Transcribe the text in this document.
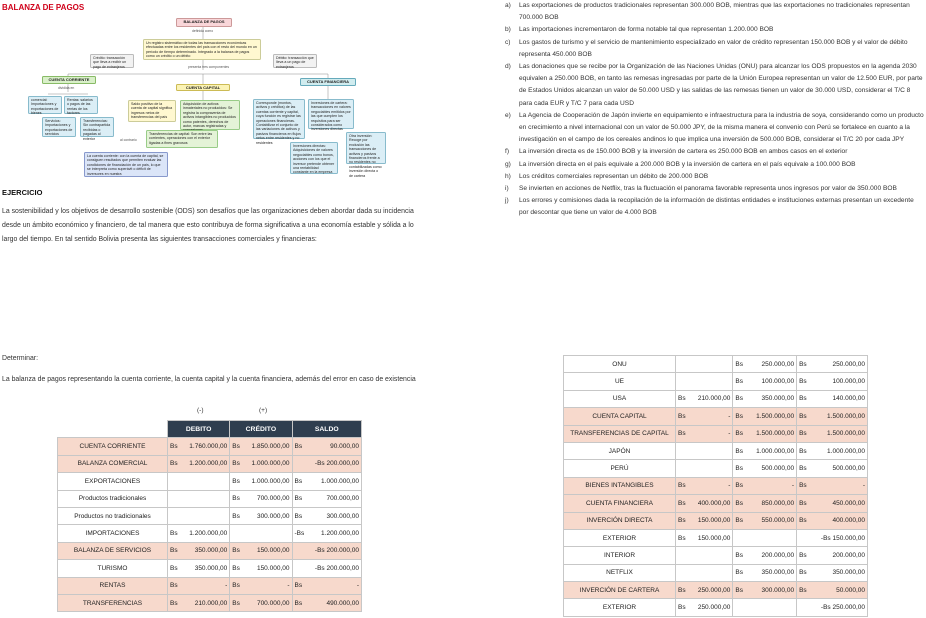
BALANZA DE PAGOS
BALANZA DE PAGOS
definida como
Un registro sistemático de todas las transacciones económicas efectuadas entre los residentes del país con el resto del mundo en un período de tiempo determinado. Integrado a la balanza de pagos como un crédito o un débito
Crédito: transacción que lleva a recibir un pago de extranjeros
Débito: transacción que lleva a un pago de extranjeros
presenta tres componentes
CUENTA CORRIENTE
CUENTA CAPITAL
CUENTA FINANCIERA
dividida en
comercial: Importaciones y exportaciones de bienes
Rentas: salarios o pagos de las rentas de los factores
Servicios: Importaciones y exportaciones de servicios
Transferencias: Sin contrapartida recibidas o pagadas al exterior
Saldo positivo de la cuenta de capital significa ingresos netos de transferencias del país
Adquisición de activos inmateriales no producidos: Se registra la compraventa de activos intangibles no producidos como patentes, derechos de autor, marcas registradas y
Transferencias de capital: Son entre las corrientes, operaciones con el exterior ligadas a fines gravosos
Corresponde (montos, activos y créditos) de las cuentas corriente y capital, cuya función es registrar las operaciones financieras. Contabilizar el conjunto de las variaciones de activos y pasivos financieros en flujos netos entre residentes y no residentes
Inversiones de cartera: transacciones en valores negociables emitidos por las que cumplen los requisitos para ser considerados como inversiones directas
Inversiones directas: Adquisiciones de valores negociables como bonos, acciones con los que el inversor pretende obtener una rentabilidad constante en la empresa
Otra inversión: Recoge por exclusión las transacciones de activos y pasivos financieros frente a no residentes no contabilizadas como inversión directa o de cartera
al contrario
La cuenta corriente: con la cuenta de capital, se consiguen resultados que permiten evaluar las condiciones de financiación de un país, lo que se interpreta como superávit o déficit de inversores en nuestra
EJERCICIO
La sostenibilidad y los objetivos de desarrollo sostenible (ODS) son desafíos que las organizaciones deben abordar dada su incidencia desde un ámbito económico y financiero, de tal manera que esto contribuya de forma significativa a una economía estable y sólida a lo largo del tiempo. En tal sentido Bolivia presenta las siguientes transacciones comerciales y financieras:
a) Las exportaciones de productos tradicionales representan 300.000 BOB, mientras que las exportaciones no tradicionales representan 700.000 BOB
b) Las importaciones incrementaron de forma notable tal que representan 1.200.000 BOB
c) Los gastos de turismo y el servicio de mantenimiento especializado en valor de crédito representan 150.000 BOB y el valor de débito representa 450.000 BOB
d) Las donaciones que se recibe por la Organización de las Naciones Unidas (ONU) para alcanzar los ODS propuestos en la agenda 2030 equivalen a 250.000 BOB, en tanto las remesas ingresadas por parte de la Unión Europea representan un valor de 12.500 EUR, por parte de Estados Unidos alcanzan un valor de 50.000 USD y las salidas de las remesas tienen un valor de 30.000 USD, considerar el T/C 8 para cada EUR y T/C 7 para cada USD
e) La Agencia de Cooperación de Japón invierte en equipamiento e infraestructura para la industria de soya, considerando como un producto en crecimiento a nivel internacional con un valor de 50.000 JPY, de la misma manera el convenio con Perú se fortalece en cuanto a la investigación en el campo de los cereales andinos lo que implica una inversión de 500.000 BOB, considerar el T/C 20 por cada JPY
f) La inversión directa es de 150.000 BOB y la inversión de cartera es 250.000 BOB en ambos casos en el exterior
g) La inversión directa en el país equivale a 200.000 BOB y la inversión de cartera en el país equivale a 100.000 BOB
h) Los créditos comerciales representan un débito de 200.000 BOB
i) Se invierten en acciones de Netflix, tras la fluctuación el panorama favorable representa unos ingresos por valor de 350.000 BOB
j) Los errores y comisiones dada la recopilación de la información de distintas entidades e instituciones externas presentan un excedente por descontar que tiene un valor de 4.000 BOB
Determinar:
La balanza de pagos representando la cuenta corriente, la cuenta capital y la cuenta financiera, además del error en caso de existencia
(-)	(+)
	DEBITO		CRÉDITO		SALDO	
CUENTA CORRIENTE	Bs	1.760.000,00	Bs	1.850.000,00	Bs	90.000,00
BALANZA COMERCIAL	Bs	1.200.000,00	Bs	1.000.000,00		-Bs 200.000,00
EXPORTACIONES			Bs	1.000.000,00	Bs	1.000.000,00
Productos tradicionales			Bs	700.000,00	Bs	700.000,00
Productos no tradicionales			Bs	300.000,00	Bs	300.000,00
IMPORTACIONES	Bs	1.200.000,00			-Bs	1.200.000,00
BALANZA DE SERVICIOS	Bs	350.000,00	Bs	150.000,00		-Bs 200.000,00
TURISMO	Bs	350.000,00	Bs	150.000,00		-Bs 200.000,00
RENTAS	Bs	-	Bs	-	Bs	-
TRANSFERENCIAS	Bs	210.000,00	Bs	700.000,00	Bs	490.000,00
ONU			Bs	250.000,00	Bs	250.000,00
UE			Bs	100.000,00	Bs	100.000,00
USA	Bs	210.000,00	Bs	350.000,00	Bs	140.000,00
CUENTA CAPITAL	Bs	-	Bs	1.500.000,00	Bs	1.500.000,00
TRANSFERENCIAS DE CAPITAL	Bs	-	Bs	1.500.000,00	Bs	1.500.000,00
JAPÓN			Bs	1.000.000,00	Bs	1.000.000,00
PERÚ			Bs	500.000,00	Bs	500.000,00
BIENES INTANGIBLES	Bs	-	Bs	-	Bs	-
CUENTA FINANCIERA	Bs	400.000,00	Bs	850.000,00	Bs	450.000,00
INVERCIÓN DIRECTA	Bs	150.000,00	Bs	550.000,00	Bs	400.000,00
EXTERIOR	Bs	150.000,00				-Bs 150.000,00
INTERIOR			Bs	200.000,00	Bs	200.000,00
NETFLIX			Bs	350.000,00	Bs	350.000,00
INVERCIÓN DE CARTERA	Bs	250.000,00	Bs	300.000,00	Bs	50.000,00
EXTERIOR	Bs	250.000,00				-Bs 250.000,00
